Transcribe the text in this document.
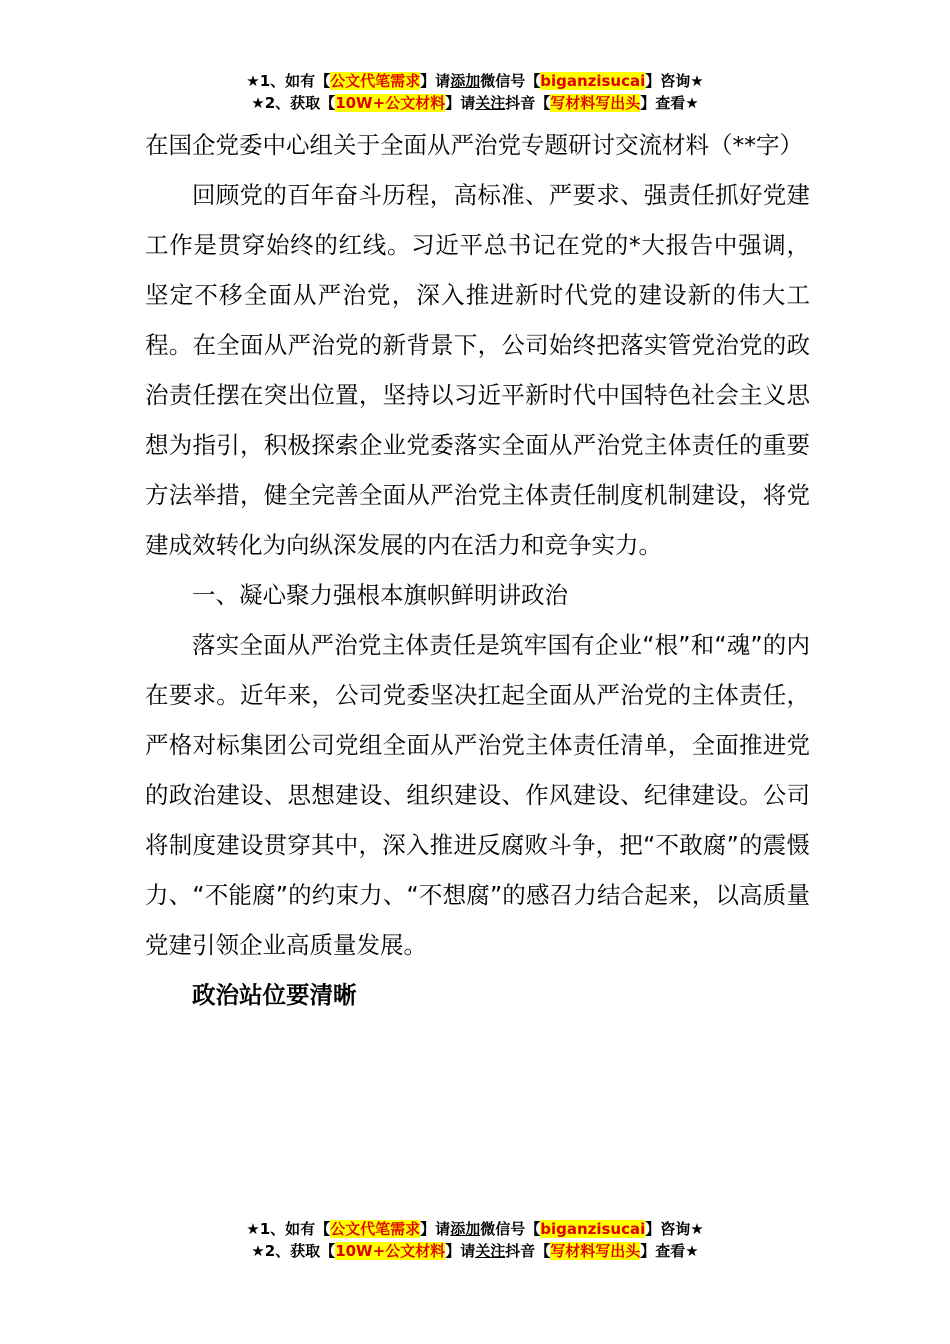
★1、如有【公文代笔需求】请添加微信号【biganzisucai】咨询★
★2、获取【10W+公文材料】请关注抖音【写材料写出头】查看★

在国企党委中心组关于全面从严治党专题研讨交流材料（**字）

回顾党的百年奋斗历程，高标准、严要求、强责任抓好党建工作是贯穿始终的红线。习近平总书记在党的*大报告中强调，坚定不移全面从严治党，深入推进新时代党的建设新的伟大工程。在全面从严治党的新背景下，公司始终把落实管党治党的政治责任摆在突出位置，坚持以习近平新时代中国特色社会主义思想为指引，积极探索企业党委落实全面从严治党主体责任的重要方法举措，健全完善全面从严治党主体责任制度机制建设，将党建成效转化为向纵深发展的内在活力和竞争实力。

一、凝心聚力强根本旗帜鲜明讲政治

落实全面从严治党主体责任是筑牢国有企业“根”和“魂”的内在要求。近年来，公司党委坚决扛起全面从严治党的主体责任，严格对标集团公司党组全面从严治党主体责任清单，全面推进党的政治建设、思想建设、组织建设、作风建设、纪律建设。公司将制度建设贯穿其中，深入推进反腐败斗争，把“不敢腐”的震慑力、“不能腐”的约束力、“不想腐”的感召力结合起来，以高质量党建引领企业高质量发展。

政治站位要清晰

★1、如有【公文代笔需求】请添加微信号【biganzisucai】咨询★
★2、获取【10W+公文材料】请关注抖音【写材料写出头】查看★
